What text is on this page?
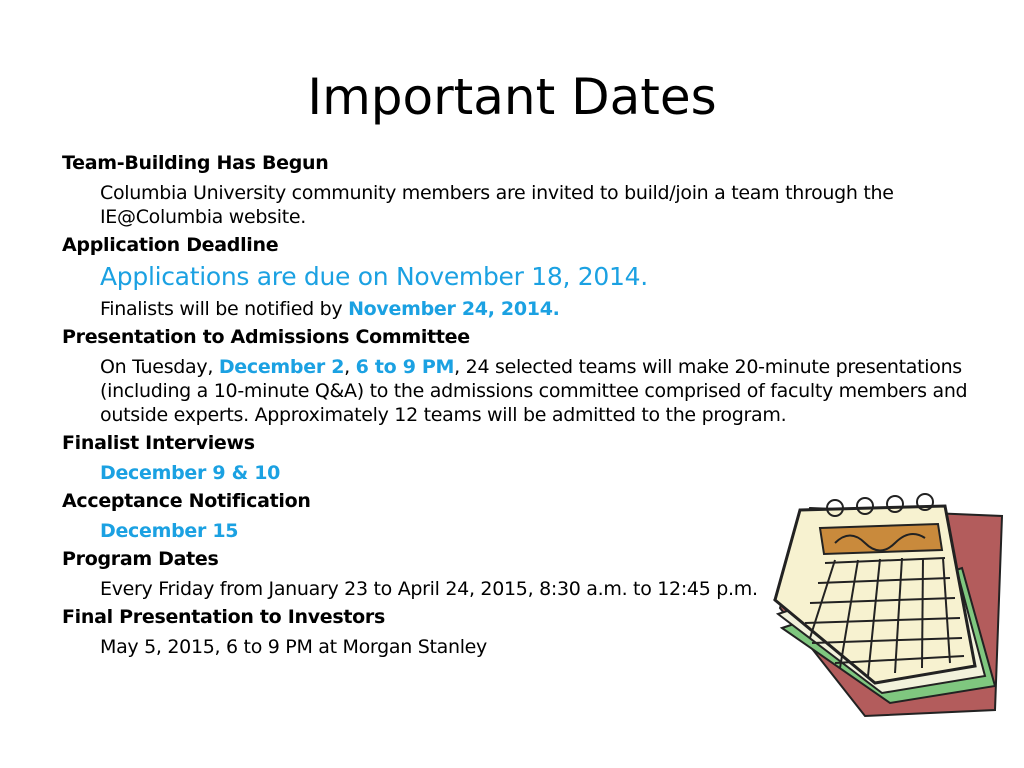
Important Dates
Team-Building Has Begun
Columbia University community members are invited to build/join a team through the IE@Columbia website.
Application Deadline
Applications are due on November 18, 2014.
Finalists will be notified by November 24, 2014.
Presentation to Admissions Committee
On Tuesday, December 2, 6 to 9 PM, 24 selected teams will make 20-minute presentations (including a 10-minute Q&A) to the admissions committee comprised of faculty members and outside experts. Approximately 12 teams will be admitted to the program.
Finalist Interviews
December 9 & 10
Acceptance Notification
December 15
Program Dates
Every Friday from January 23 to April 24, 2015, 8:30 a.m. to 12:45 p.m.
Final Presentation to Investors
May 5, 2015, 6 to 9 PM at Morgan Stanley
